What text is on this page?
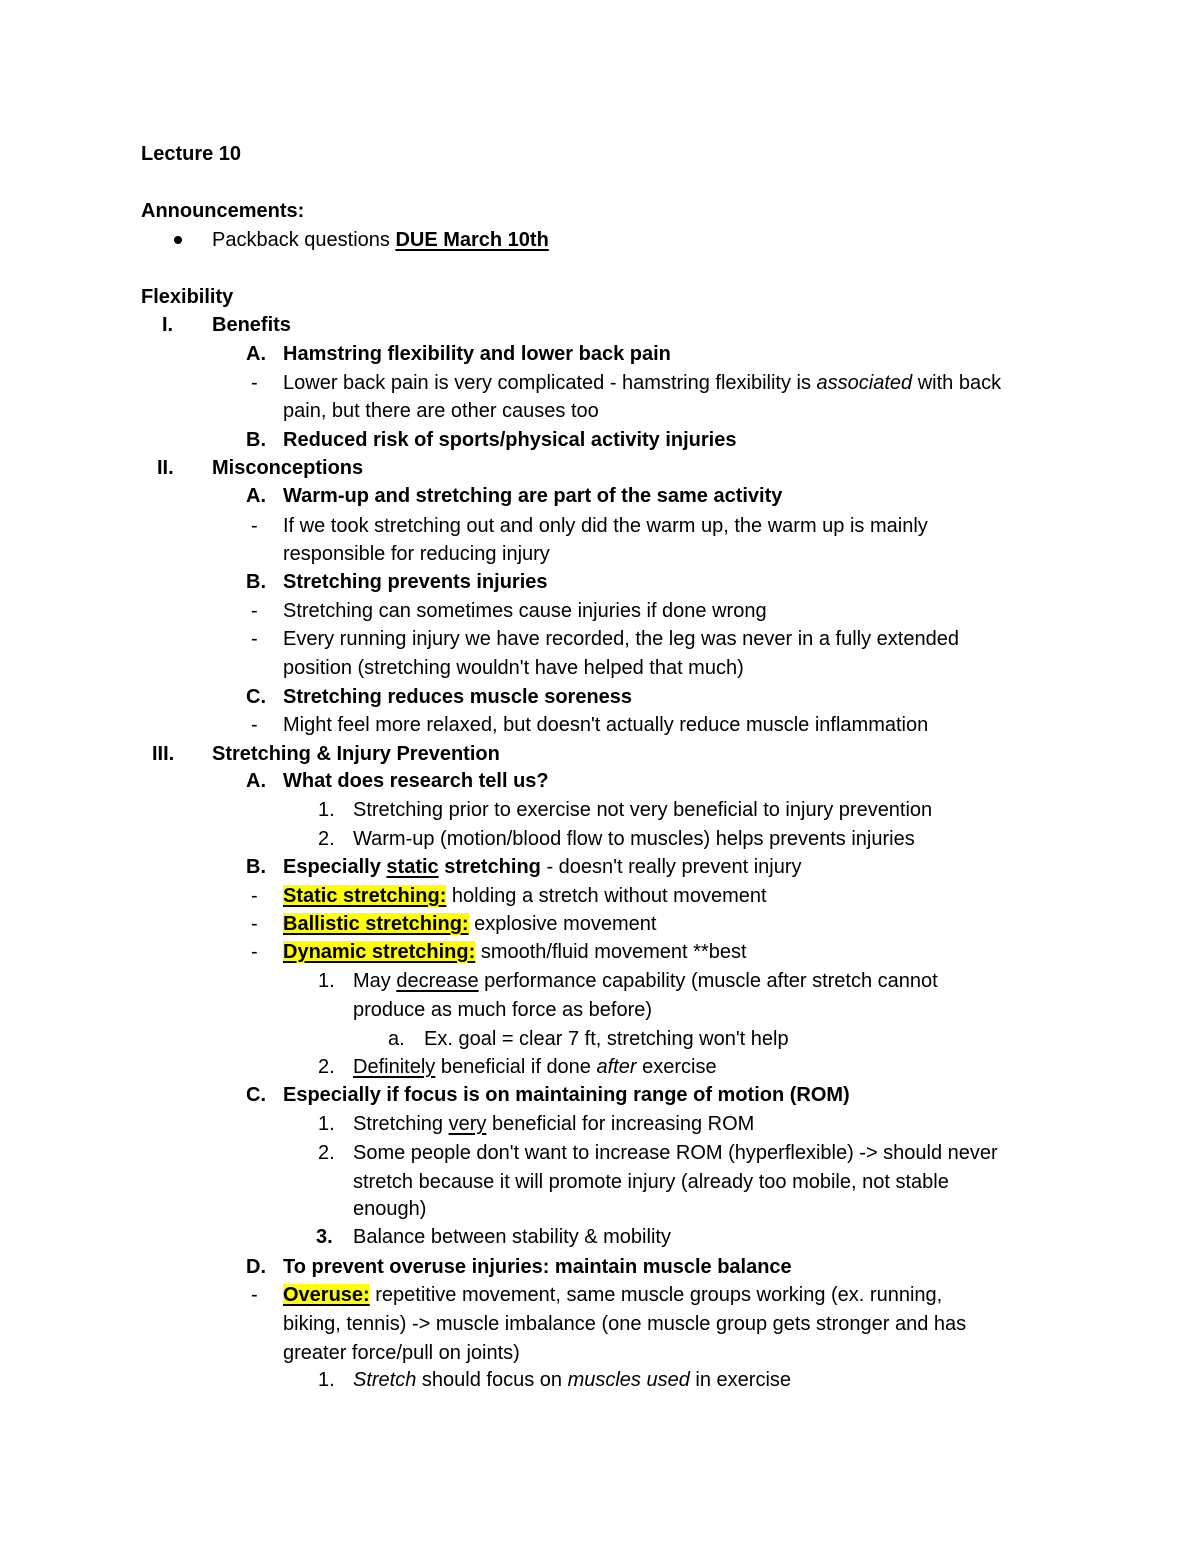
Lecture 10
Announcements:
Packback questions DUE March 10th
Flexibility
I. Benefits
A. Hamstring flexibility and lower back pain
- Lower back pain is very complicated - hamstring flexibility is associated with back
pain, but there are other causes too
B. Reduced risk of sports/physical activity injuries
II. Misconceptions
A. Warm-up and stretching are part of the same activity
- If we took stretching out and only did the warm up, the warm up is mainly
responsible for reducing injury
B. Stretching prevents injuries
- Stretching can sometimes cause injuries if done wrong
- Every running injury we have recorded, the leg was never in a fully extended
position (stretching wouldn't have helped that much)
C. Stretching reduces muscle soreness
- Might feel more relaxed, but doesn't actually reduce muscle inflammation
III. Stretching & Injury Prevention
A. What does research tell us?
1. Stretching prior to exercise not very beneficial to injury prevention
2. Warm-up (motion/blood flow to muscles) helps prevents injuries
B. Especially static stretching - doesn't really prevent injury
- Static stretching: holding a stretch without movement
- Ballistic stretching: explosive movement
- Dynamic stretching: smooth/fluid movement **best
1. May decrease performance capability (muscle after stretch cannot
produce as much force as before)
a. Ex. goal = clear 7 ft, stretching won't help
2. Definitely beneficial if done after exercise
C. Especially if focus is on maintaining range of motion (ROM)
1. Stretching very beneficial for increasing ROM
2. Some people don't want to increase ROM (hyperflexible) -> should never
stretch because it will promote injury (already too mobile, not stable
enough)
3. Balance between stability & mobility
D. To prevent overuse injuries: maintain muscle balance
- Overuse: repetitive movement, same muscle groups working (ex. running,
biking, tennis) -> muscle imbalance (one muscle group gets stronger and has
greater force/pull on joints)
1. Stretch should focus on muscles used in exercise
